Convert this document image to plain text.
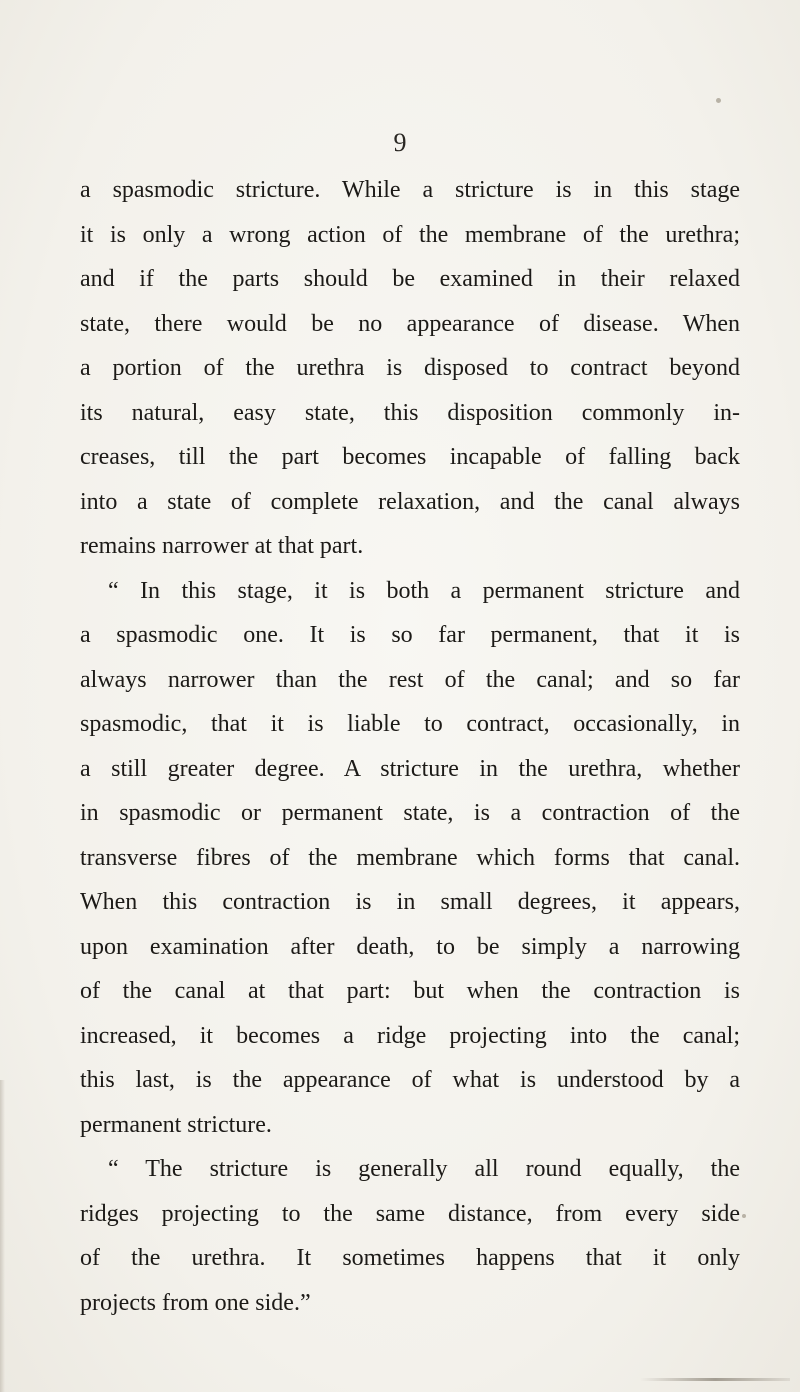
9
a spasmodic stricture. While a stricture is in this stage
it is only a wrong action of the membrane of the urethra;
and if the parts should be examined in their relaxed
state, there would be no appearance of disease. When
a portion of the urethra is disposed to contract beyond
its natural, easy state, this disposition commonly in-
creases, till the part becomes incapable of falling back
into a state of complete relaxation, and the canal always
remains narrower at that part.
“ In this stage, it is both a permanent stricture and
a spasmodic one. It is so far permanent, that it is
always narrower than the rest of the canal; and so far
spasmodic, that it is liable to contract, occasionally, in
a still greater degree. A stricture in the urethra, whether
in spasmodic or permanent state, is a contraction of the
transverse fibres of the membrane which forms that canal.
When this contraction is in small degrees, it appears,
upon examination after death, to be simply a narrowing
of the canal at that part: but when the contraction is
increased, it becomes a ridge projecting into the canal;
this last, is the appearance of what is understood by a
permanent stricture.
“ The stricture is generally all round equally, the
ridges projecting to the same distance, from every side
of the urethra. It sometimes happens that it only
projects from one side.”
